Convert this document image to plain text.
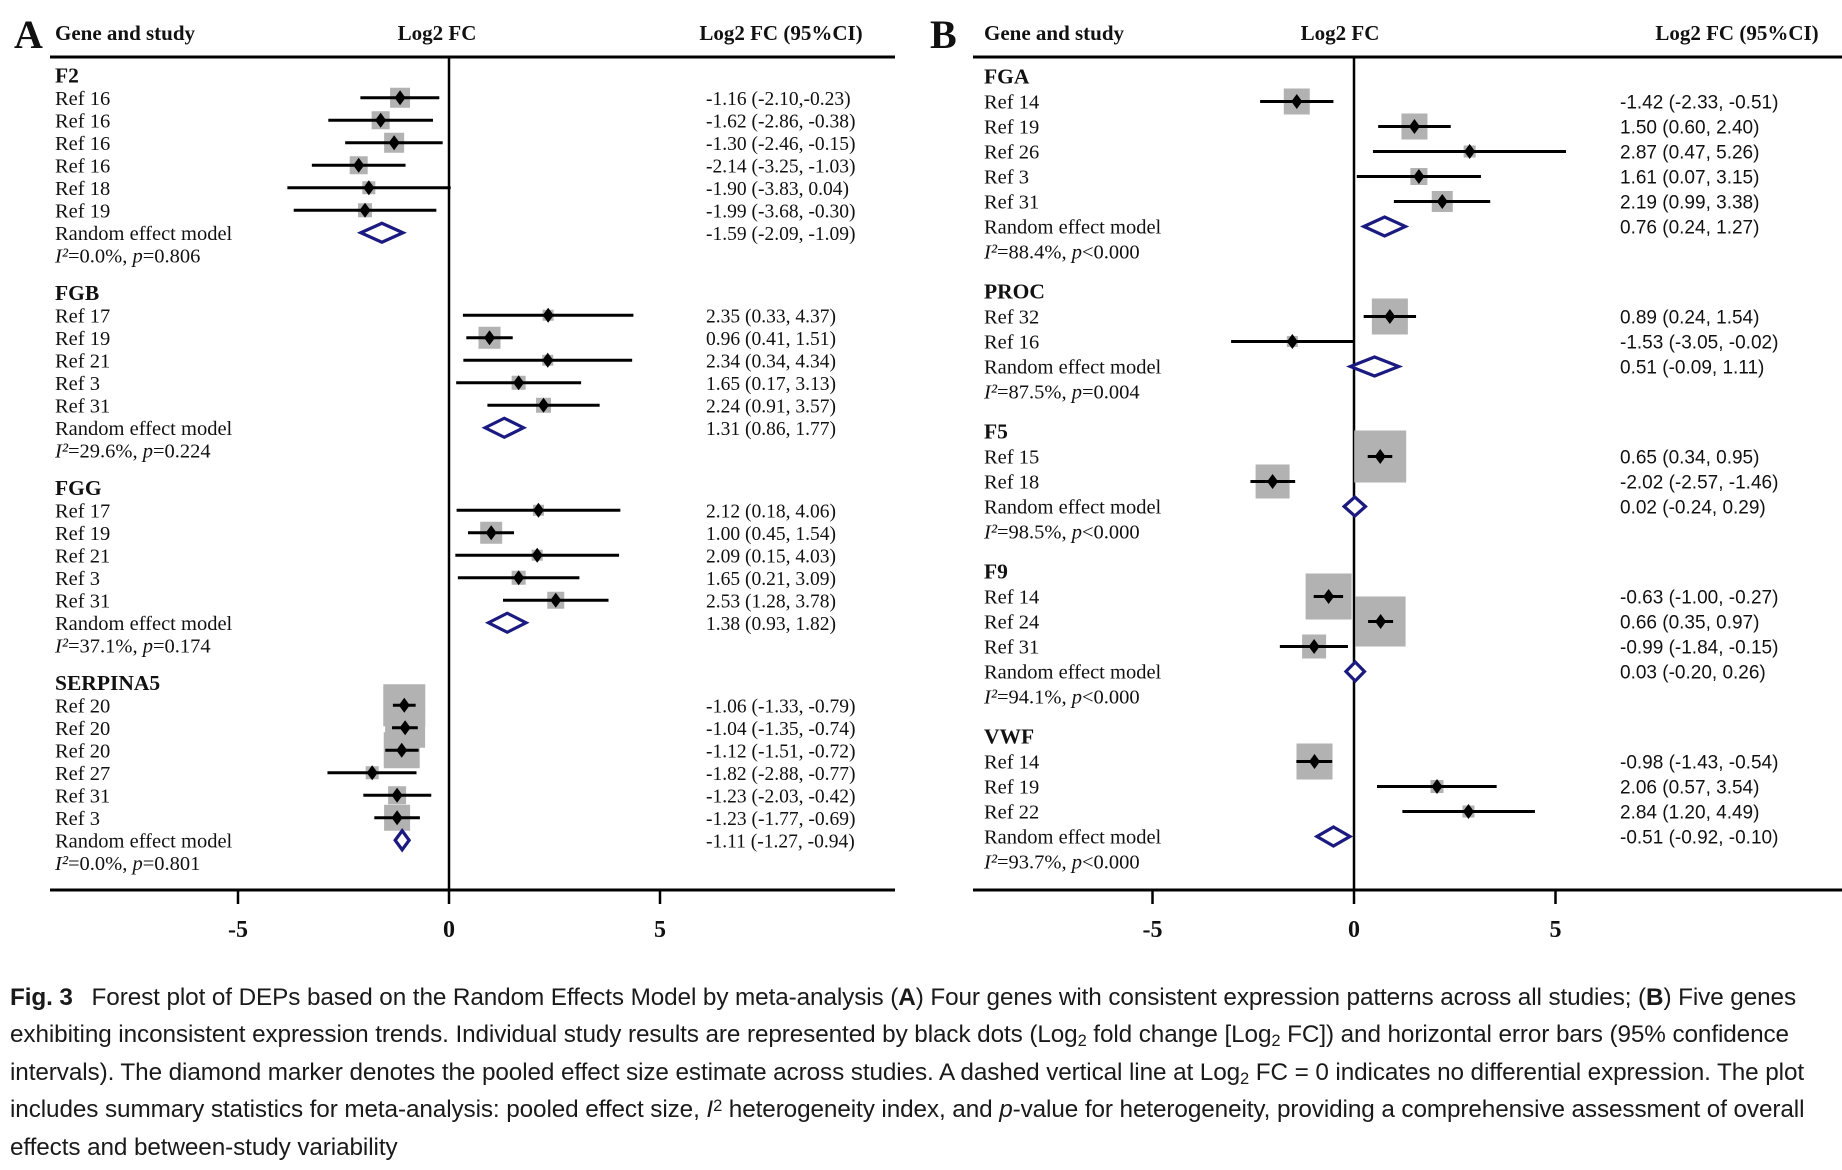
A Gene and study	Log2 FC	Log2 FC (95%CI)
F2
Ref 16	-1.16 (-2.10,-0.23)
Ref 16	-1.62 (-2.86, -0.38)
Ref 16	-1.30 (-2.46, -0.15)
Ref 16	-2.14 (-3.25, -1.03)
Ref 18	-1.90 (-3.83, 0.04)
Ref 19	-1.99 (-3.68, -0.30)
Random effect model	-1.59 (-2.09, -1.09)
I²=0.0%, p=0.806
FGB
Ref 17	2.35 (0.33, 4.37)
Ref 19	0.96 (0.41, 1.51)
Ref 21	2.34 (0.34, 4.34)
Ref 3	1.65 (0.17, 3.13)
Ref 31	2.24 (0.91, 3.57)
Random effect model	1.31 (0.86, 1.77)
I²=29.6%, p=0.224
FGG
Ref 17	2.12 (0.18, 4.06)
Ref 19	1.00 (0.45, 1.54)
Ref 21	2.09 (0.15, 4.03)
Ref 3	1.65 (0.21, 3.09)
Ref 31	2.53 (1.28, 3.78)
Random effect model	1.38 (0.93, 1.82)
I²=37.1%, p=0.174
SERPINA5
Ref 20	-1.06 (-1.33, -0.79)
Ref 20	-1.04 (-1.35, -0.74)
Ref 20	-1.12 (-1.51, -0.72)
Ref 27	-1.82 (-2.88, -0.77)
Ref 31	-1.23 (-2.03, -0.42)
Ref 3	-1.23 (-1.77, -0.69)
Random effect model	-1.11 (-1.27, -0.94)
I²=0.0%, p=0.801
-5	0	5
B Gene and study	Log2 FC	Log2 FC (95%CI)
FGA
Ref 14	-1.42 (-2.33, -0.51)
Ref 19	1.50 (0.60, 2.40)
Ref 26	2.87 (0.47, 5.26)
Ref 3	1.61 (0.07, 3.15)
Ref 31	2.19 (0.99, 3.38)
Random effect model	0.76 (0.24, 1.27)
I²=88.4%, p<0.000
PROC
Ref 32	0.89 (0.24, 1.54)
Ref 16	-1.53 (-3.05, -0.02)
Random effect model	0.51 (-0.09, 1.11)
I²=87.5%, p=0.004
F5
Ref 15	0.65 (0.34, 0.95)
Ref 18	-2.02 (-2.57, -1.46)
Random effect model	0.02 (-0.24, 0.29)
I²=98.5%, p<0.000
F9
Ref 14	-0.63 (-1.00, -0.27)
Ref 24	0.66 (0.35, 0.97)
Ref 31	-0.99 (-1.84, -0.15)
Random effect model	0.03 (-0.20, 0.26)
I²=94.1%, p<0.000
VWF
Ref 14	-0.98 (-1.43, -0.54)
Ref 19	2.06 (0.57, 3.54)
Ref 22	2.84 (1.20, 4.49)
Random effect model	-0.51 (-0.92, -0.10)
I²=93.7%, p<0.000
-5	0	5
Fig. 3  Forest plot of DEPs based on the Random Effects Model by meta-analysis (A) Four genes with consistent expression patterns across all studies; (B) Five genes exhibiting inconsistent expression trends. Individual study results are represented by black dots (Log$_2$ fold change [Log$_2$ FC]) and horizontal error bars (95% confidence intervals). The diamond marker denotes the pooled effect size estimate across studies. A dashed vertical line at Log$_2$ FC = 0 indicates no differential expression. The plot includes summary statistics for meta-analysis: pooled effect size, $I^2$ heterogeneity index, and p-value for heterogeneity, providing a comprehensive assessment of overall effects and between-study variability
